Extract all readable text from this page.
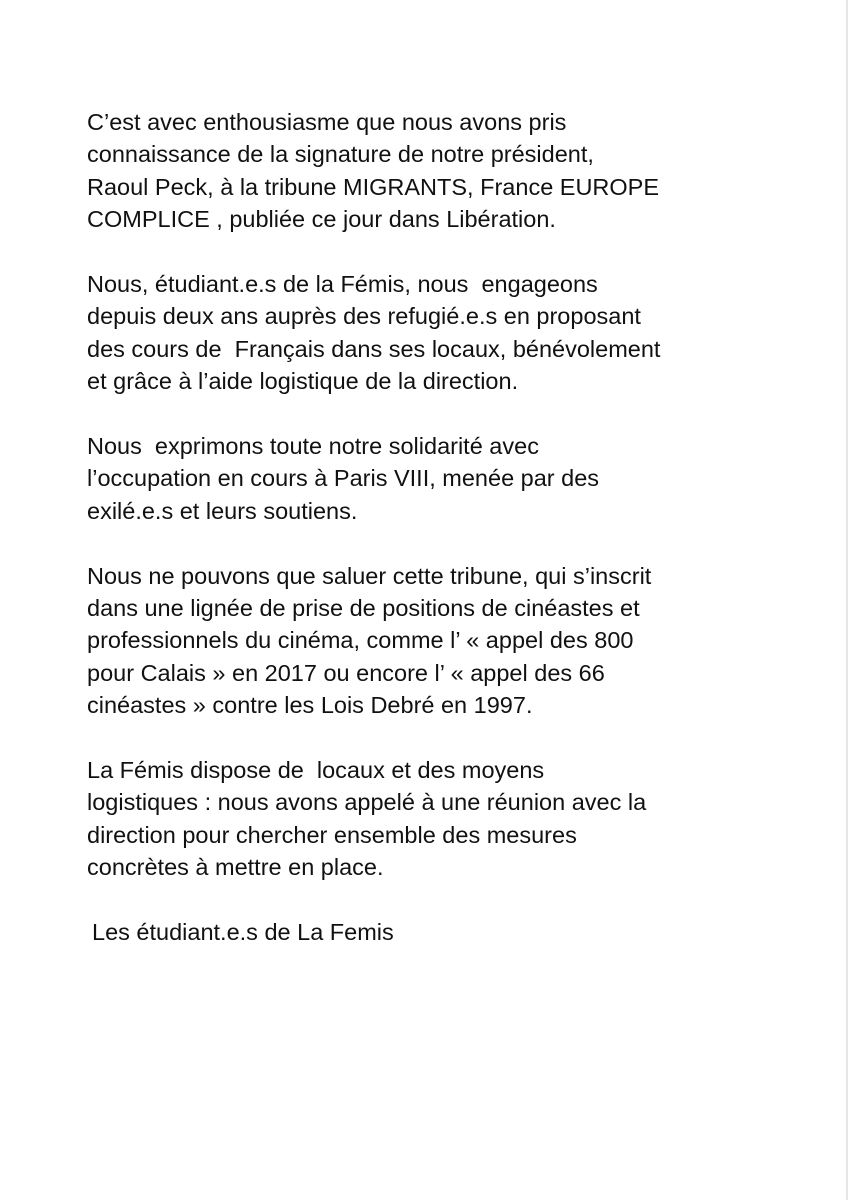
C’est avec enthousiasme que nous avons pris
connaissance de la signature de notre président,
Raoul Peck, à la tribune MIGRANTS, France EUROPE
COMPLICE , publiée ce jour dans Libération.
Nous, étudiant.e.s de la Fémis, nous  engageons
depuis deux ans auprès des refugié.e.s en proposant
des cours de  Français dans ses locaux, bénévolement
et grâce à l’aide logistique de la direction.
Nous  exprimons toute notre solidarité avec
l’occupation en cours à Paris VIII, menée par des
exilé.e.s et leurs soutiens.
Nous ne pouvons que saluer cette tribune, qui s’inscrit
dans une lignée de prise de positions de cinéastes et
professionnels du cinéma, comme l’ « appel des 800
pour Calais » en 2017 ou encore l’ « appel des 66
cinéastes » contre les Lois Debré en 1997.
La Fémis dispose de  locaux et des moyens
logistiques : nous avons appelé à une réunion avec la
direction pour chercher ensemble des mesures
concrètes à mettre en place.

Les étudiant.e.s de La Femis
